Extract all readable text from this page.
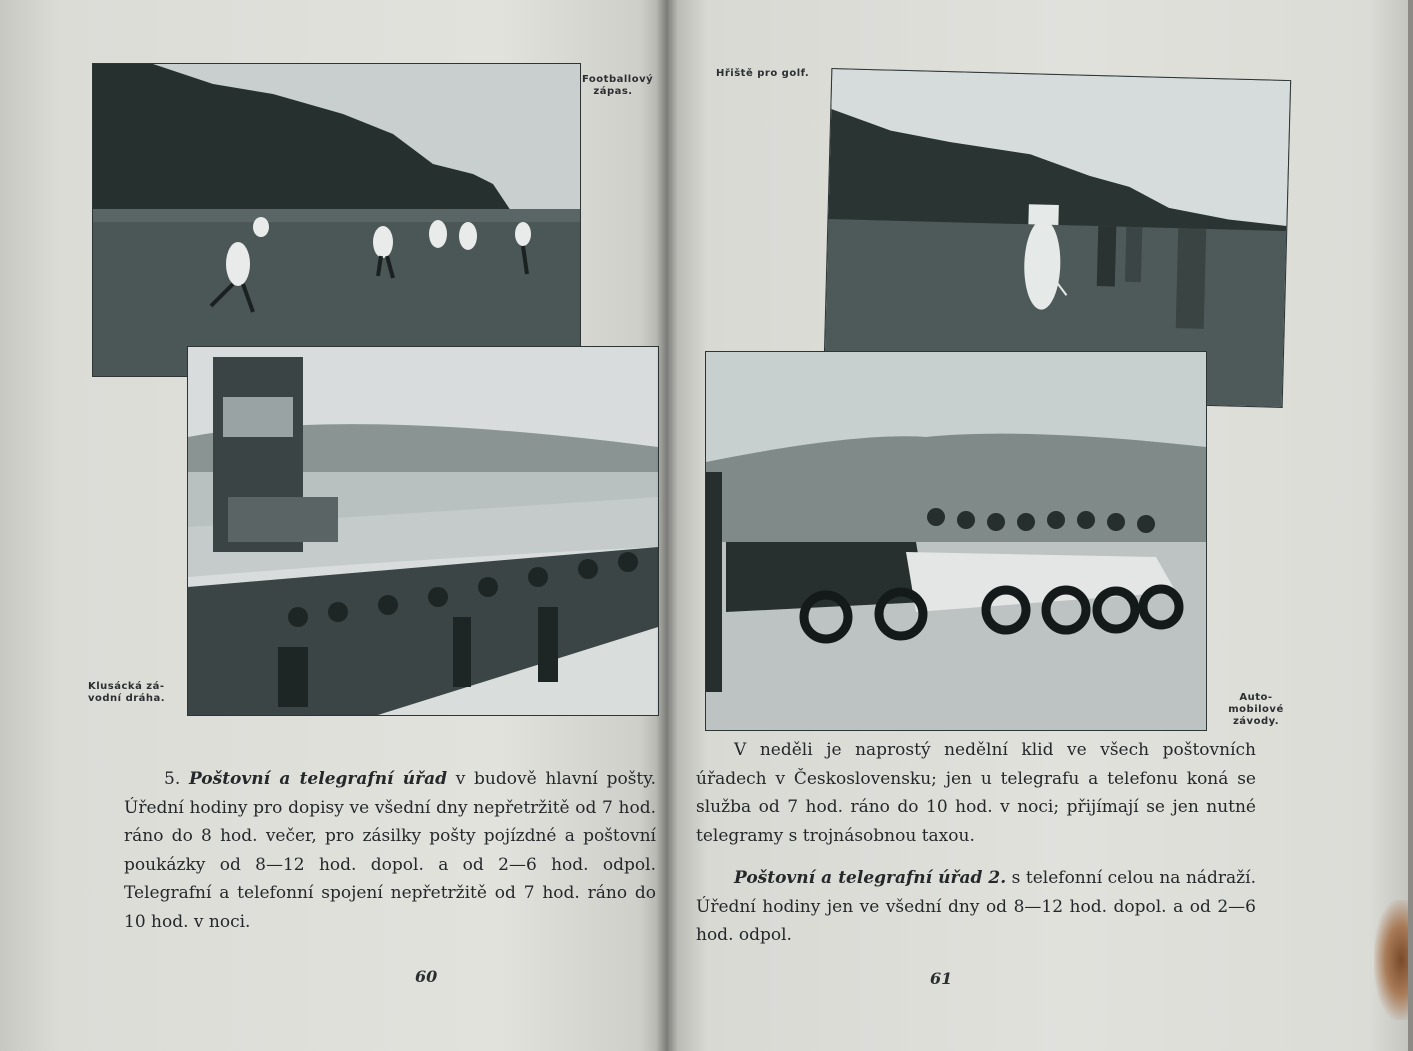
Footballový
zápas.
Klusácká zá-
vodní dráha.

5. Poštovní a telegrafní úřad v budově hlavní pošty. Úřední hodiny pro dopisy ve všední dny nepřetržitě od 7 hod. ráno do 8 hod. večer, pro zásilky pošty pojízdné a poštovní poukázky od 8—12 hod. dopol. a od 2—6 hod. odpol. Telegrafní a telefonní spojení nepřetržitě od 7 hod. ráno do 10 hod. v noci.

60
Hřiště pro golf.
Auto-
mobilové
závody.

V neděli je naprostý nedělní klid ve všech poštovních úřadech v Československu; jen u telegrafu a telefonu koná se služba od 7 hod. ráno do 10 hod. v noci; přijímají se jen nutné telegramy s trojnásobnou taxou.

Poštovní a telegrafní úřad 2. s telefonní celou na nádraží. Úřední hodiny jen ve všední dny od 8—12 hod. dopol. a od 2—6 hod. odpol.

61
